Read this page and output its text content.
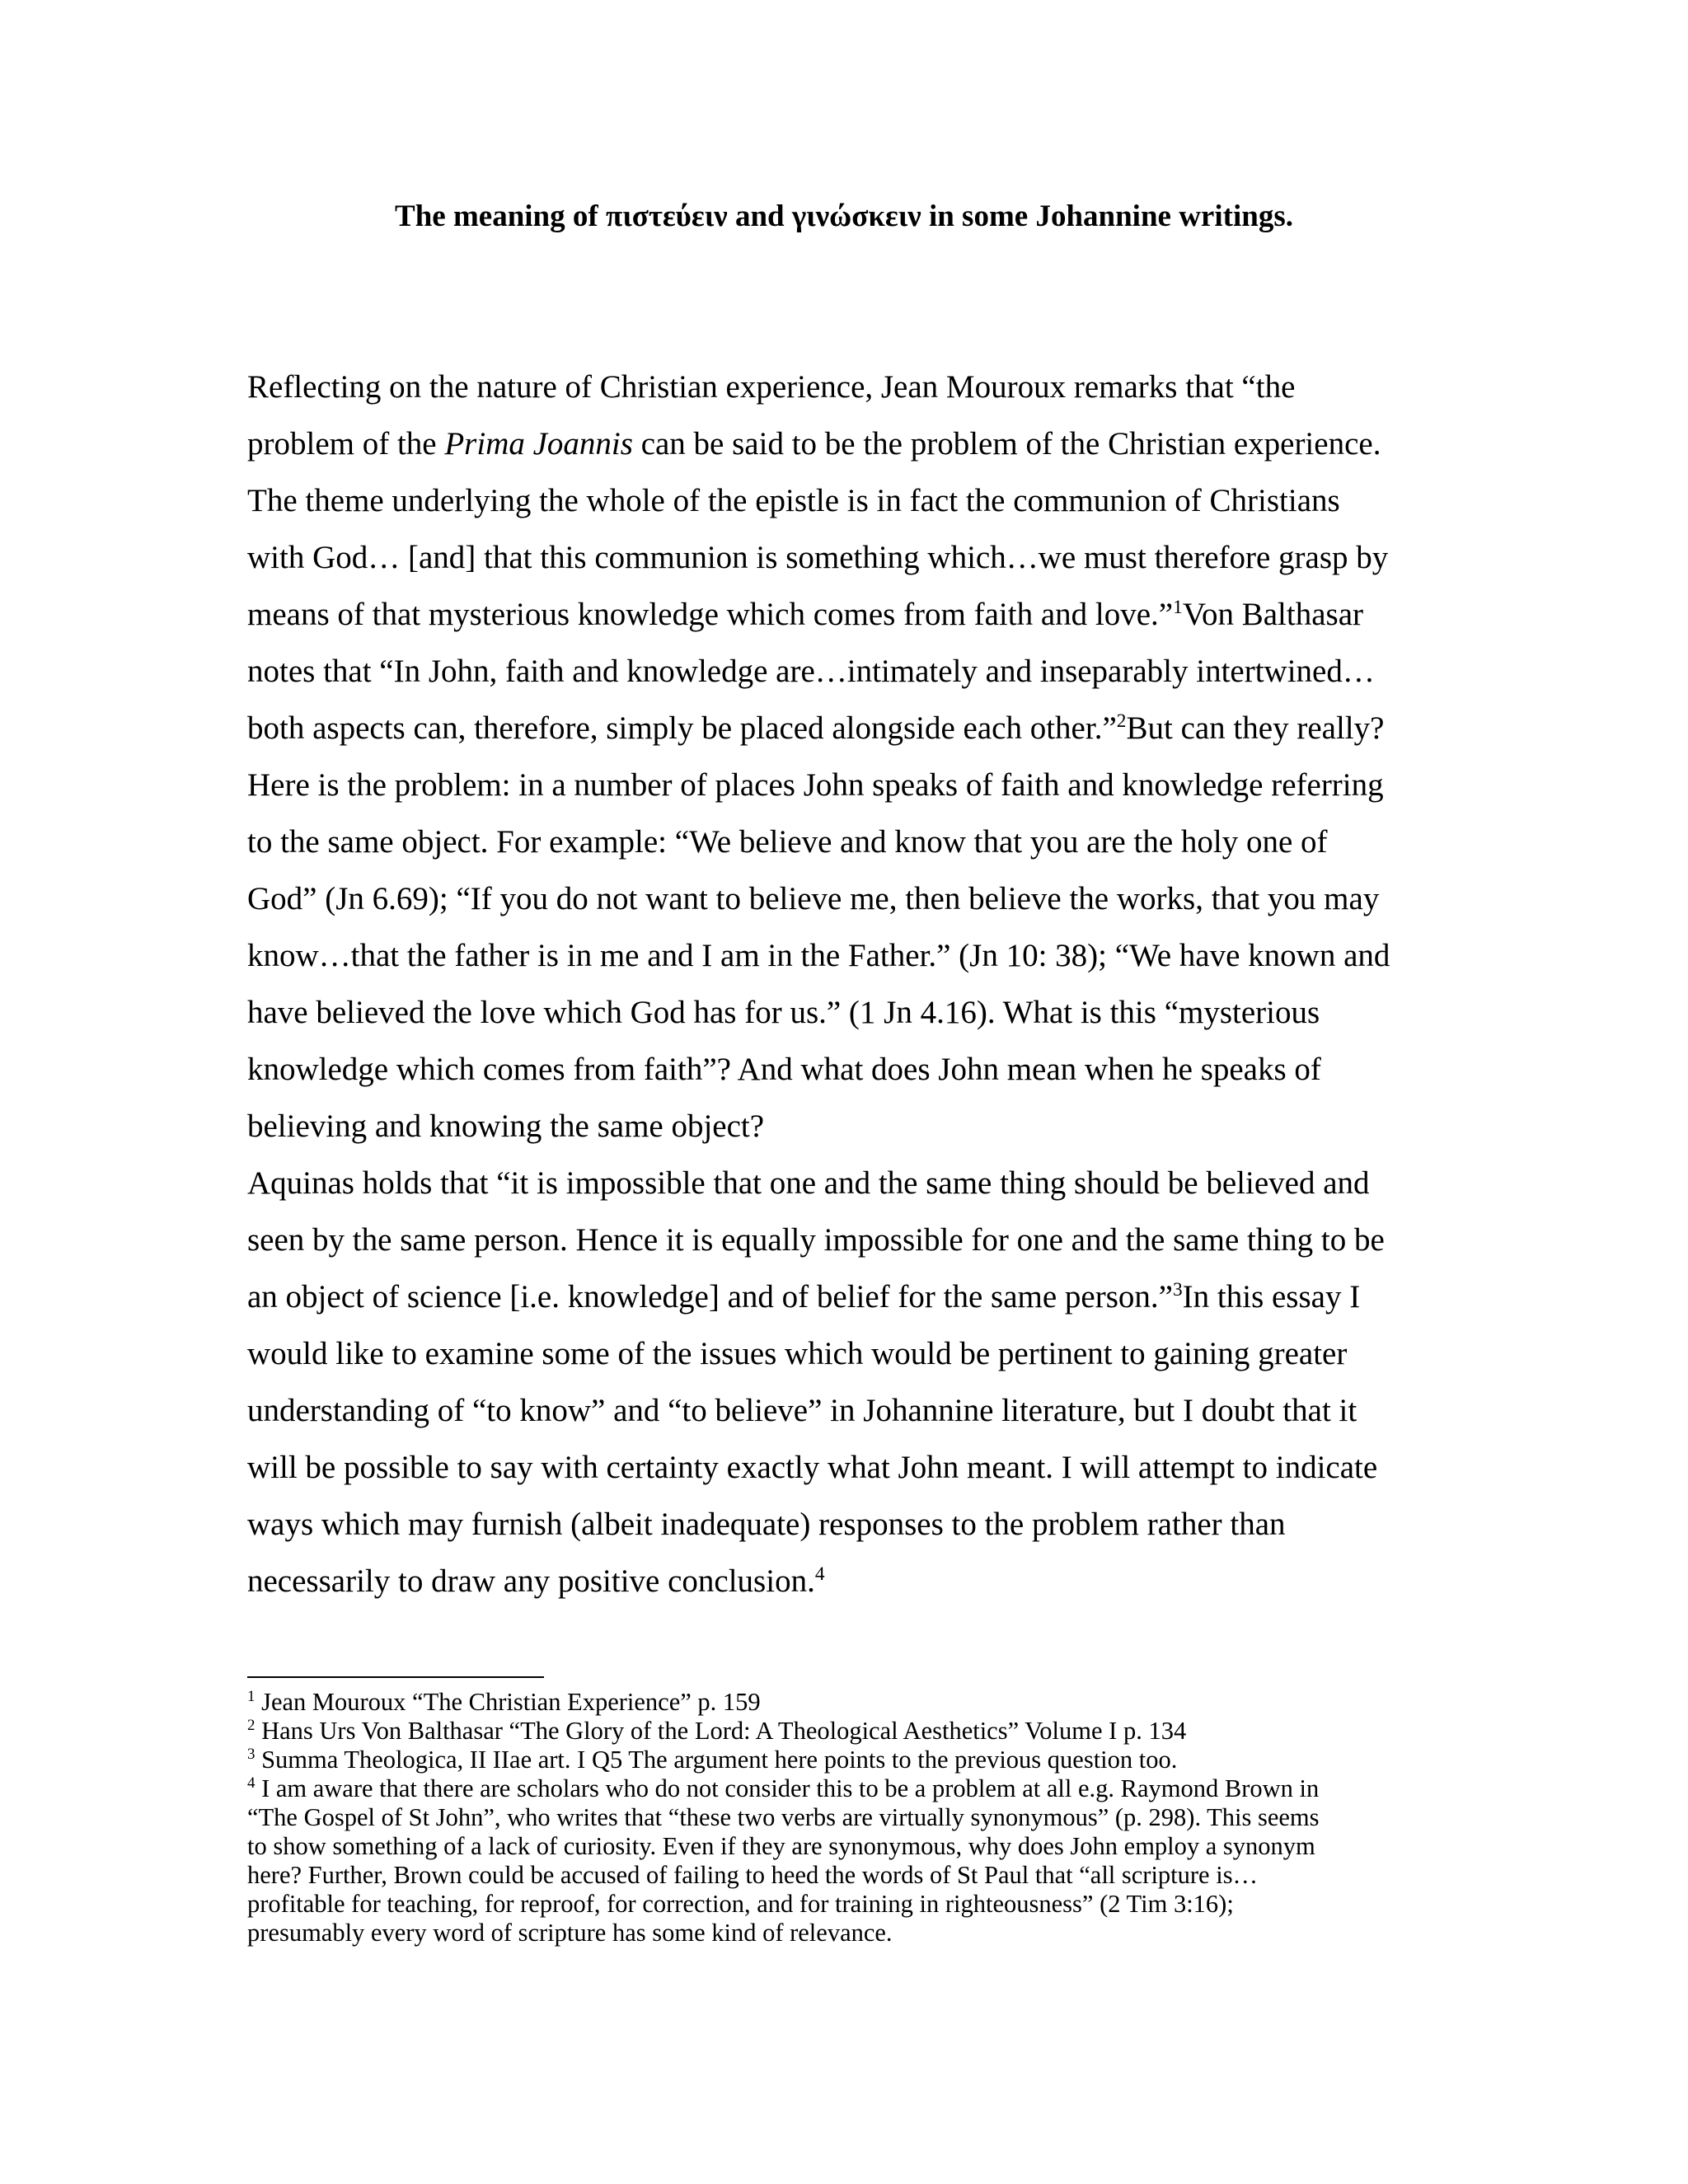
The meaning of πιστεύειν and γινώσκειν in some Johannine writings.
Reflecting on the nature of Christian experience, Jean Mouroux remarks that “the
problem of the Prima Joannis can be said to be the problem of the Christian experience.
The theme underlying the whole of the epistle is in fact the communion of Christians
with God… [and] that this communion is something which…we must therefore grasp by
means of that mysterious knowledge which comes from faith and love.”$^1$Von Balthasar
notes that “In John, faith and knowledge are…intimately and inseparably intertwined…
both aspects can, therefore, simply be placed alongside each other.”$^2$But can they really?
Here is the problem: in a number of places John speaks of faith and knowledge referring
to the same object. For example: “We believe and know that you are the holy one of
God” (Jn 6.69); “If you do not want to believe me, then believe the works, that you may
know…that the father is in me and I am in the Father.” (Jn 10: 38); “We have known and
have believed the love which God has for us.” (1 Jn 4.16). What is this “mysterious
knowledge which comes from faith”? And what does John mean when he speaks of
believing and knowing the same object?
Aquinas holds that “it is impossible that one and the same thing should be believed and
seen by the same person. Hence it is equally impossible for one and the same thing to be
an object of science [i.e. knowledge] and of belief for the same person.”$^3$In this essay I
would like to examine some of the issues which would be pertinent to gaining greater
understanding of “to know” and “to believe” in Johannine literature, but I doubt that it
will be possible to say with certainty exactly what John meant. I will attempt to indicate
ways which may furnish (albeit inadequate) responses to the problem rather than
necessarily to draw any positive conclusion.$^4$
$^1$ Jean Mouroux “The Christian Experience” p. 159
$^2$ Hans Urs Von Balthasar “The Glory of the Lord: A Theological Aesthetics” Volume I p. 134
$^3$ Summa Theologica, II IIae art. I Q5 The argument here points to the previous question too.
$^4$ I am aware that there are scholars who do not consider this to be a problem at all e.g. Raymond Brown in
“The Gospel of St John”, who writes that “these two verbs are virtually synonymous” (p. 298). This seems
to show something of a lack of curiosity. Even if they are synonymous, why does John employ a synonym
here? Further, Brown could be accused of failing to heed the words of St Paul that “all scripture is…
profitable for teaching, for reproof, for correction, and for training in righteousness” (2 Tim 3:16);
presumably every word of scripture has some kind of relevance.
